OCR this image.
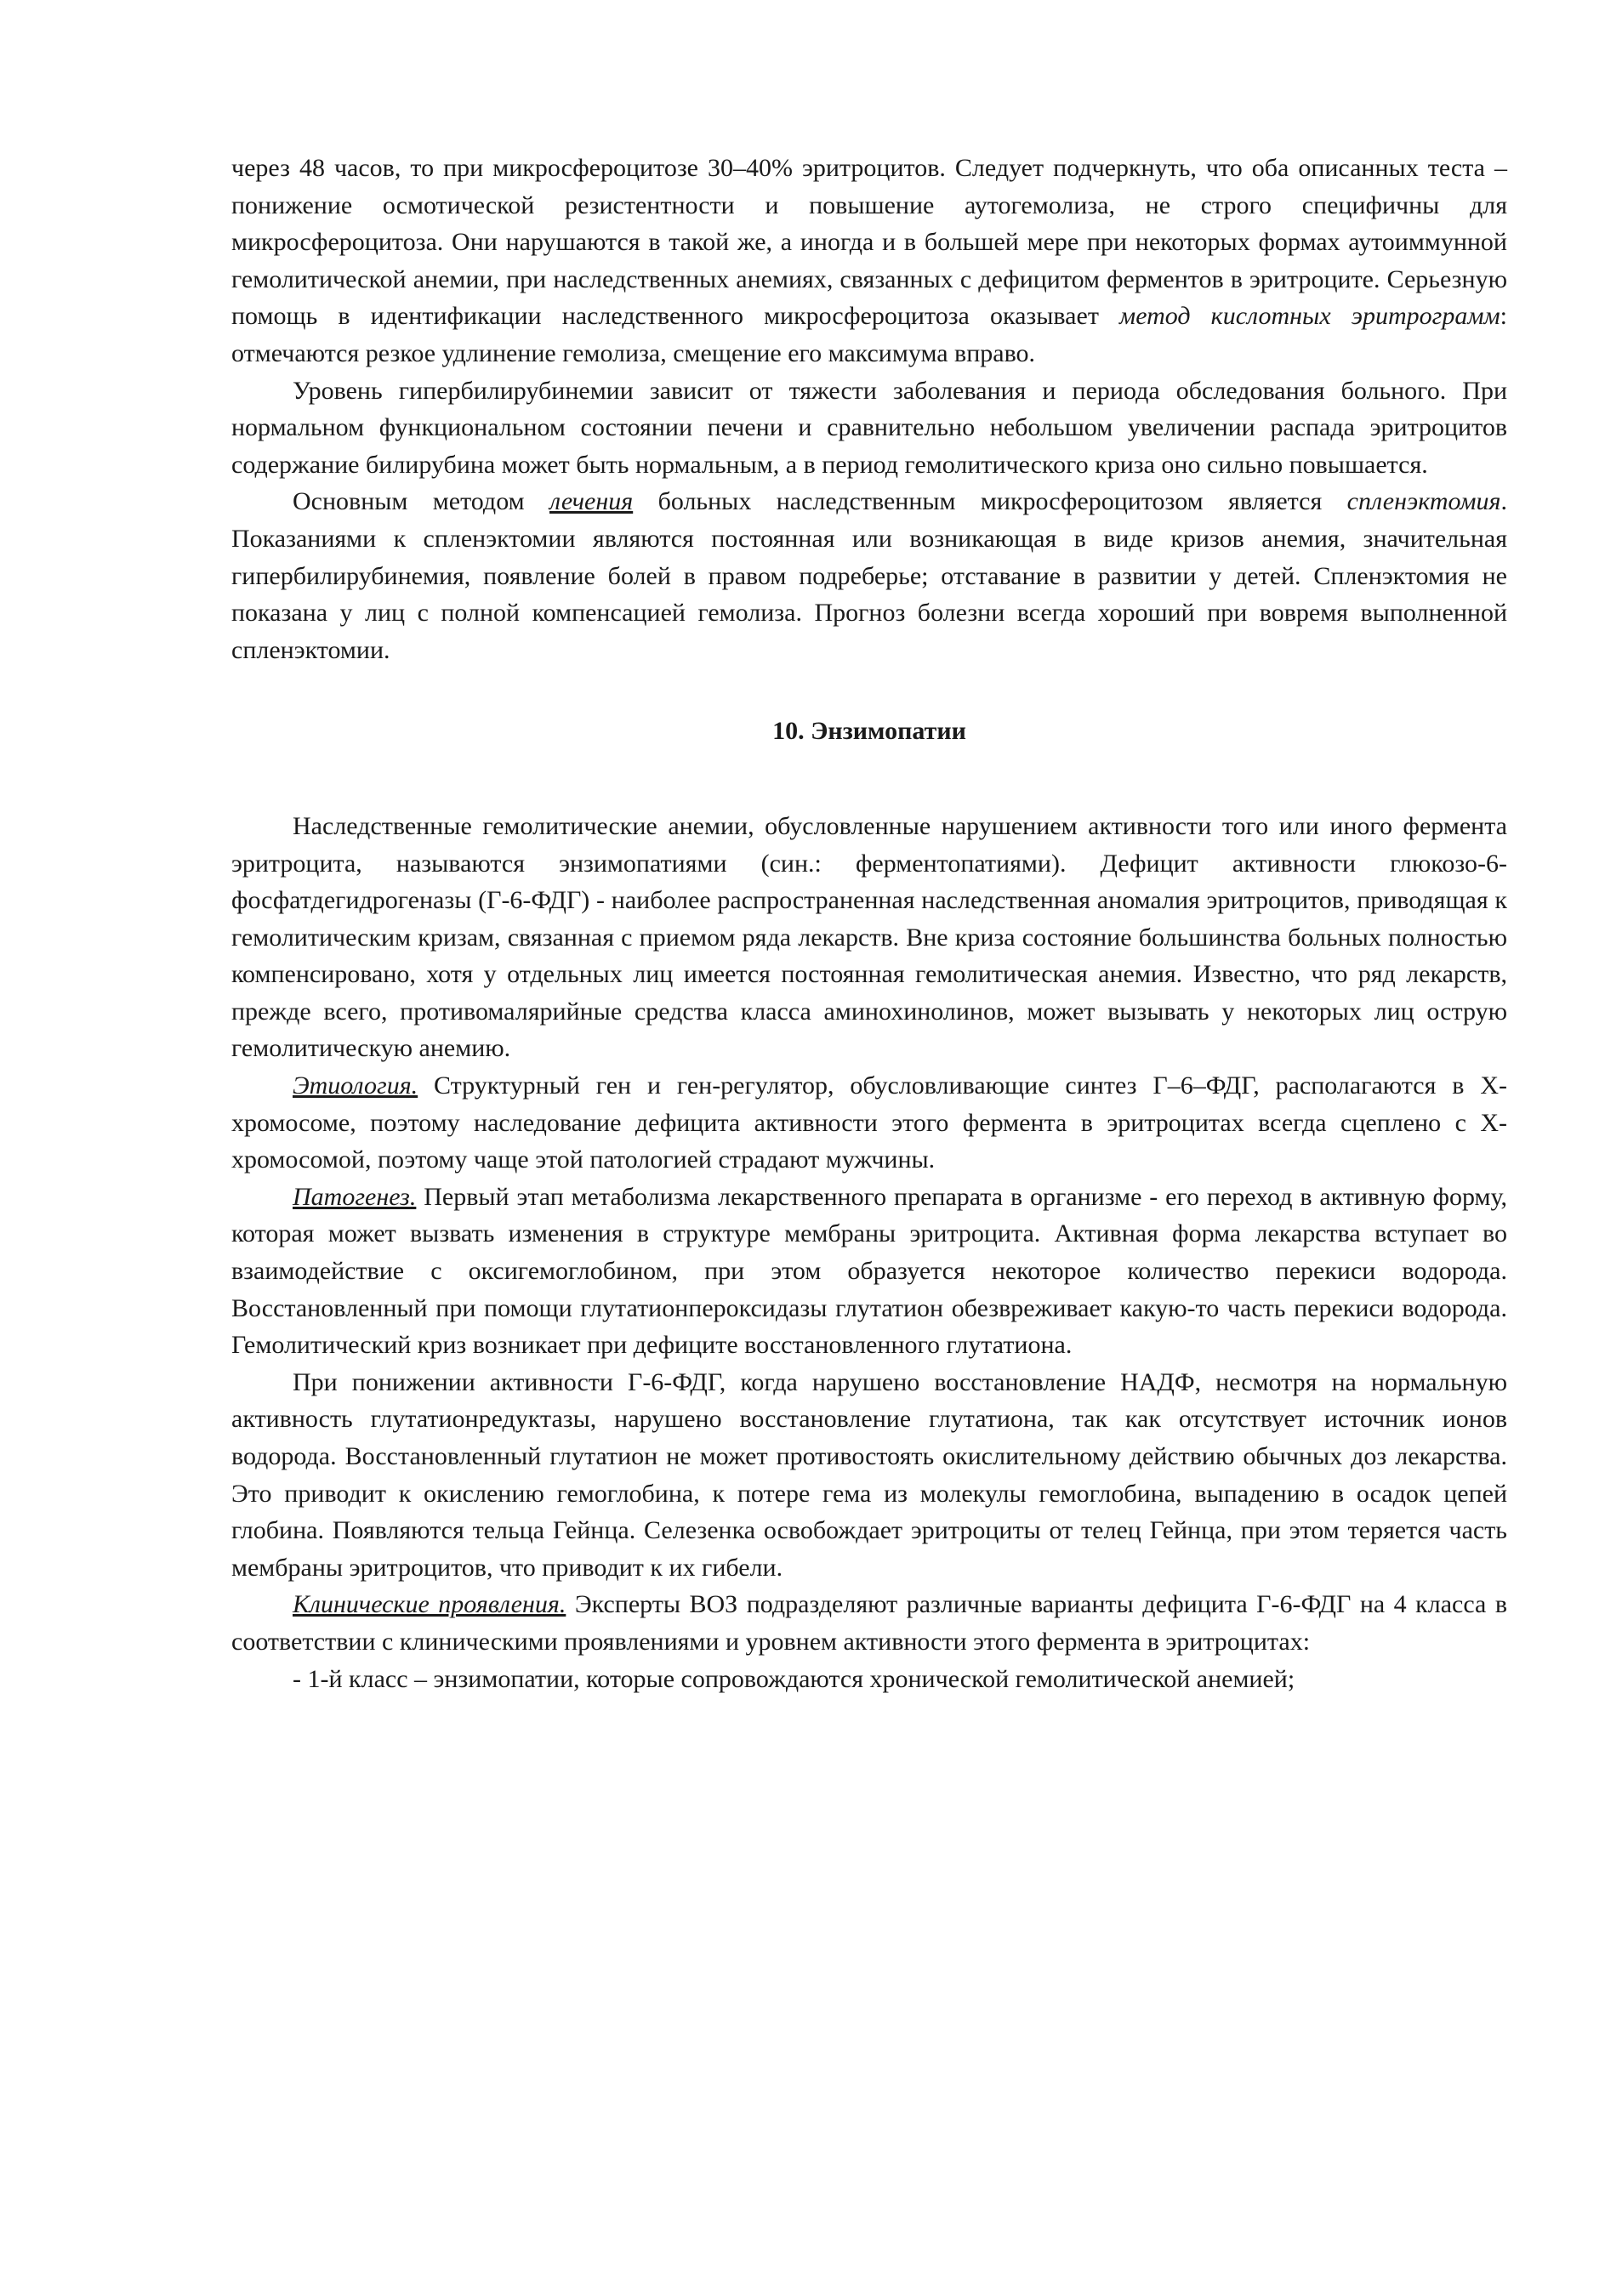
через 48 часов, то при микросфероцитозе 30–40% эритроцитов. Следует подчеркнуть, что оба описанных теста – понижение осмотической резистентности и повышение аутогемолиза, не строго специфичны для микросфероцитоза. Они нарушаются в такой же, а иногда и в большей мере при некоторых формах аутоиммунной гемолитической анемии, при наследственных анемиях, связанных с дефицитом ферментов в эритроците. Серьезную помощь в идентификации наследственного микросфероцитоза оказывает метод кислотных эритрограмм: отмечаются резкое удлинение гемолиза, смещение его максимума вправо.

Уровень гипербилирубинемии зависит от тяжести заболевания и периода обследования больного. При нормальном функциональном состоянии печени и сравнительно небольшом увеличении распада эритроцитов содержание билирубина может быть нормальным, а в период гемолитического криза оно сильно повышается.

Основным методом лечения больных наследственным микросфероцитозом является спленэктомия. Показаниями к спленэктомии являются постоянная или возникающая в виде кризов анемия, значительная гипербилирубинемия, появление болей в правом подреберье; отставание в развитии у детей. Спленэктомия не показана у лиц с полной компенсацией гемолиза. Прогноз болезни всегда хороший при вовремя выполненной спленэктомии.

10. Энзимопатии

Наследственные гемолитические анемии, обусловленные нарушением активности того или иного фермента эритроцита, называются энзимопатиями (син.: ферментопатиями). Дефицит активности глюкозо-6-фосфатдегидрогеназы (Г-6-ФДГ) - наиболее распространенная наследственная аномалия эритроцитов, приводящая к гемолитическим кризам, связанная с приемом ряда лекарств. Вне криза состояние большинства больных полностью компенсировано, хотя у отдельных лиц имеется постоянная гемолитическая анемия. Известно, что ряд лекарств, прежде всего, противомалярийные средства класса аминохинолинов, может вызывать у некоторых лиц острую гемолитическую анемию.

Этиология. Структурный ген и ген-регулятор, обусловливающие синтез Г–6–ФДГ, располагаются в Х-хромосоме, поэтому наследование дефицита активности этого фермента в эритроцитах всегда сцеплено с Х-хромосомой, поэтому чаще этой патологией страдают мужчины.

Патогенез. Первый этап метаболизма лекарственного препарата в организме - его переход в активную форму, которая может вызвать изменения в структуре мембраны эритроцита. Активная форма лекарства вступает во взаимодействие с оксигемоглобином, при этом образуется некоторое количество перекиси водорода. Восстановленный при помощи глутатионпероксидазы глутатион обезвреживает какую-то часть перекиси водорода. Гемолитический криз возникает при дефиците восстановленного глутатиона.

При понижении активности Г-6-ФДГ, когда нарушено восстановление НАДФ, несмотря на нормальную активность глутатионредуктазы, нарушено восстановление глутатиона, так как отсутствует источник ионов водорода. Восстановленный глутатион не может противостоять окислительному действию обычных доз лекарства. Это приводит к окислению гемоглобина, к потере гема из молекулы гемоглобина, выпадению в осадок цепей глобина. Появляются тельца Гейнца. Селезенка освобождает эритроциты от телец Гейнца, при этом теряется часть мембраны эритроцитов, что приводит к их гибели.

Клинические проявления. Эксперты ВОЗ подразделяют различные варианты дефицита Г-6-ФДГ на 4 класса в соответствии с клиническими проявлениями и уровнем активности этого фермента в эритроцитах:

- 1-й класс – энзимопатии, которые сопровождаются хронической гемолитической анемией;
